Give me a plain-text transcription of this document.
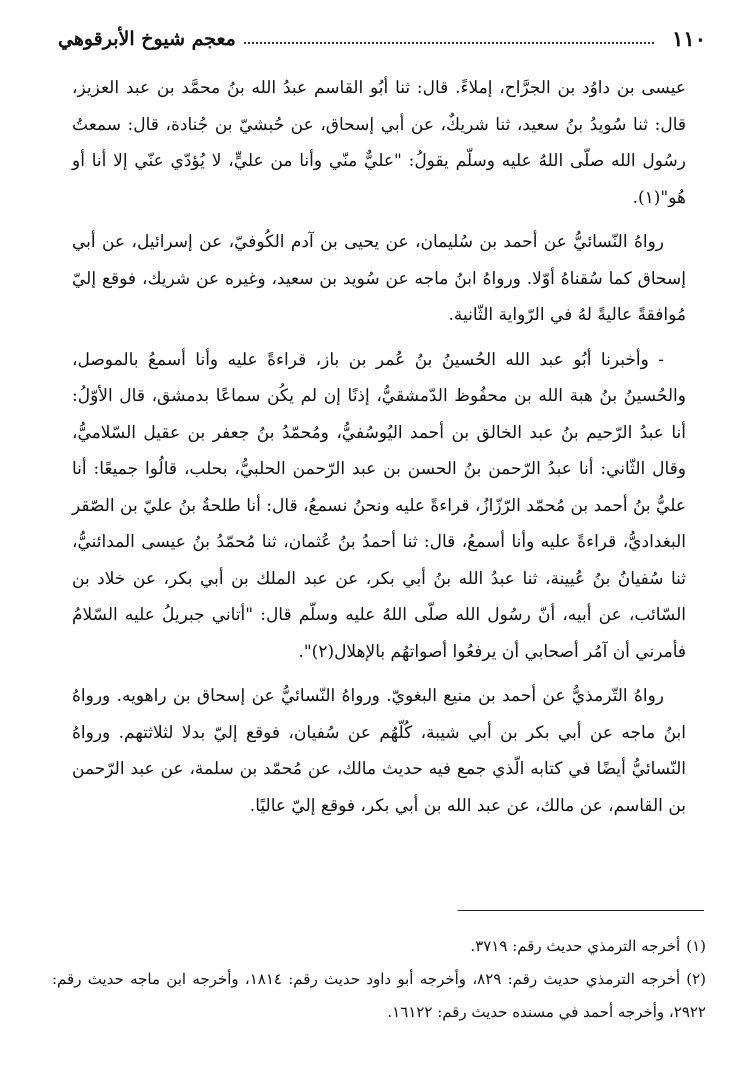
١١٠
معجم شيوخ الأبرقوهي

عيسى بن داوُد بن الجرَّاح، إملاءً. قال: ثنا أبُو القاسم عبدُ الله بنُ محمَّد بن عبد العزيز، قال: ثنا سُويدُ بنُ سعيد، ثنا شريكٌ، عن أبي إسحاق، عن حُبشيّ بن جُنادة، قال: سمعتُ رسُول الله صلّى اللهُ عليه وسلّم يقولُ: "عليٌّ منّي وأنا من عليٍّ، لا يُؤدّي عنّي إلا أنا أو هُو"(١).

رواهُ النّسائيُّ عن أحمد بن سُليمان، عن يحيى بن آدم الكُوفيّ، عن إسرائيل، عن أبي إسحاق كما سُقناهُ أوّلا. ورواهُ ابنُ ماجه عن سُويد بن سعيد، وغيره عن شريك، فوقع إليّ مُوافقةً عاليةً لهُ في الرّواية الثّانية.

- وأخبرنا أبُو عبد الله الحُسينُ بنُ عُمر بن باز، قراءةً عليه وأنا أسمعُ بالموصل، والحُسينُ بنُ هبة الله بن محفُوظ الدّمشقيُّ، إذنًا إن لم يكُن سماعًا بدمشق، قال الأوّلُ: أنا عبدُ الرّحيم بنُ عبد الخالق بن أحمد اليُوسُفيُّ، ومُحمّدُ بنُ جعفر بن عقيل السّلاميُّ، وقال الثّاني: أنا عبدُ الرّحمن بنُ الحسن بن عبد الرّحمن الحلبيُّ، بحلب، قالُوا جميعًا: أنا عليُّ بنُ أحمد بن مُحمّد الرّزّازُ، قراءةً عليه ونحنُ نسمعُ، قال: أنا طلحةُ بنُ عليّ بن الصّقر البغداديُّ، قراءةً عليه وأنا أسمعُ، قال: ثنا أحمدُ بنُ عُثمان، ثنا مُحمّدُ بنُ عيسى المدائنيُّ، ثنا سُفيانُ بنُ عُيينة، ثنا عبدُ الله بنُ أبي بكر، عن عبد الملك بن أبي بكر، عن خلاد بن السّائب، عن أبيه، أنّ رسُول الله صلّى اللهُ عليه وسلّم قال: "أتاني جبريلُ عليه السّلامُ فأمرني أن آمُر أصحابي أن يرفعُوا أصواتهُم بالإهلال(٢)".

رواهُ التّرمذيُّ عن أحمد بن منيع البغويّ. ورواهُ النّسائيُّ عن إسحاق بن راهويه. ورواهُ ابنُ ماجه عن أبي بكر بن أبي شيبة، كُلّهُم عن سُفيان، فوقع إليّ بدلا لثلاثتهم. ورواهُ النّسائيُّ أيضًا في كتابه الّذي جمع فيه حديث مالك، عن مُحمّد بن سلمة، عن عبد الرّحمن بن القاسم، عن مالك، عن عبد الله بن أبي بكر، فوقع إليّ عاليًا.

(١)أخرجه الترمذي حديث رقم: ٣٧١٩.

(٢)أخرجه الترمذي حديث رقم: ٨٢٩، وأخرجه أبو داود حديث رقم: ١٨١٤، وأخرجه ابن ماجه حديث رقم: ٢٩٢٢، وأخرجه أحمد في مسنده حديث رقم: ١٦١٢٢.
